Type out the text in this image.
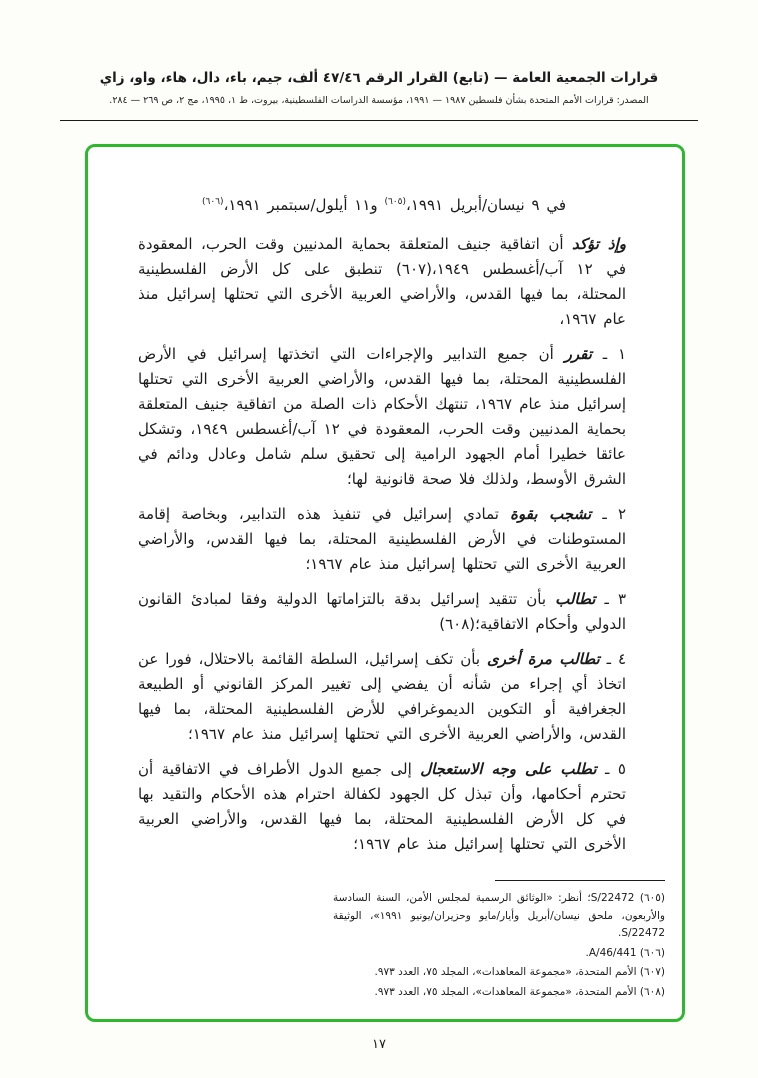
قرارات الجمعية العامة — (تابع) القرار الرقم ٤٧/٤٦ ألف، جيم، باء، دال، هاء، واو، زاي
المصدر: قرارات الأمم المتحدة بشأن فلسطين ١٩٨٧ — ١٩٩١، مؤسسة الدراسات الفلسطينية، بيروت، ط ١، ١٩٩٥، مج ٢، ص ٢٦٩ — ٢٨٤.

في ٩ نيسان/أبريل ١٩٩١،$^{(٦٠٥)}$ و١١ أيلول/سبتمبر ١٩٩١،$^{(٦٠٦)}$

وإذ تؤكد أن اتفاقية جنيف المتعلقة بحماية المدنيين وقت الحرب، المعقودة في ١٢ آب/أغسطس ١٩٤٩،(٦٠٧) تنطبق على كل الأرض الفلسطينية المحتلة، بما فيها القدس، والأراضي العربية الأخرى التي تحتلها إسرائيل منذ عام ١٩٦٧،

١ ـ تقرر أن جميع التدابير والإجراءات التي اتخذتها إسرائيل في الأرض الفلسطينية المحتلة، بما فيها القدس، والأراضي العربية الأخرى التي تحتلها إسرائيل منذ عام ١٩٦٧، تنتهك الأحكام ذات الصلة من اتفاقية جنيف المتعلقة بحماية المدنيين وقت الحرب، المعقودة في ١٢ آب/أغسطس ١٩٤٩، وتشكل عائقا خطيرا أمام الجهود الرامية إلى تحقيق سلم شامل وعادل ودائم في الشرق الأوسط، ولذلك فلا صحة قانونية لها؛

٢ ـ تشجب بقوة تمادي إسرائيل في تنفيذ هذه التدابير، وبخاصة إقامة المستوطنات في الأرض الفلسطينية المحتلة، بما فيها القدس، والأراضي العربية الأخرى التي تحتلها إسرائيل منذ عام ١٩٦٧؛

٣ ـ تطالب بأن تتقيد إسرائيل بدقة بالتزاماتها الدولية وفقا لمبادئ القانون الدولي وأحكام الاتفاقية؛(٦٠٨)

٤ ـ تطالب مرة أخرى بأن تكف إسرائيل، السلطة القائمة بالاحتلال، فورا عن اتخاذ أي إجراء من شأنه أن يفضي إلى تغيير المركز القانوني أو الطبيعة الجغرافية أو التكوين الديموغرافي للأرض الفلسطينية المحتلة، بما فيها القدس، والأراضي العربية الأخرى التي تحتلها إسرائيل منذ عام ١٩٦٧؛

٥ ـ تطلب على وجه الاستعجال إلى جميع الدول الأطراف في الاتفاقية أن تحترم أحكامها، وأن تبذل كل الجهود لكفالة احترام هذه الأحكام والتقيد بها في كل الأرض الفلسطينية المحتلة، بما فيها القدس، والأراضي العربية الأخرى التي تحتلها إسرائيل منذ عام ١٩٦٧؛

(٦٠٥) S/22472؛ أنظر: «الوثائق الرسمية لمجلس الأمن، السنة السادسة والأربعون، ملحق نيسان/أبريل وأيار/مايو وحزيران/يونيو ١٩٩١»، الوثيقة S/22472.

(٦٠٦) A/46/441.

(٦٠٧) الأمم المتحدة، «مجموعة المعاهدات»، المجلد ٧٥، العدد ٩٧٣.

(٦٠٨) الأمم المتحدة، «مجموعة المعاهدات»، المجلد ٧٥، العدد ٩٧٣.

١٧
